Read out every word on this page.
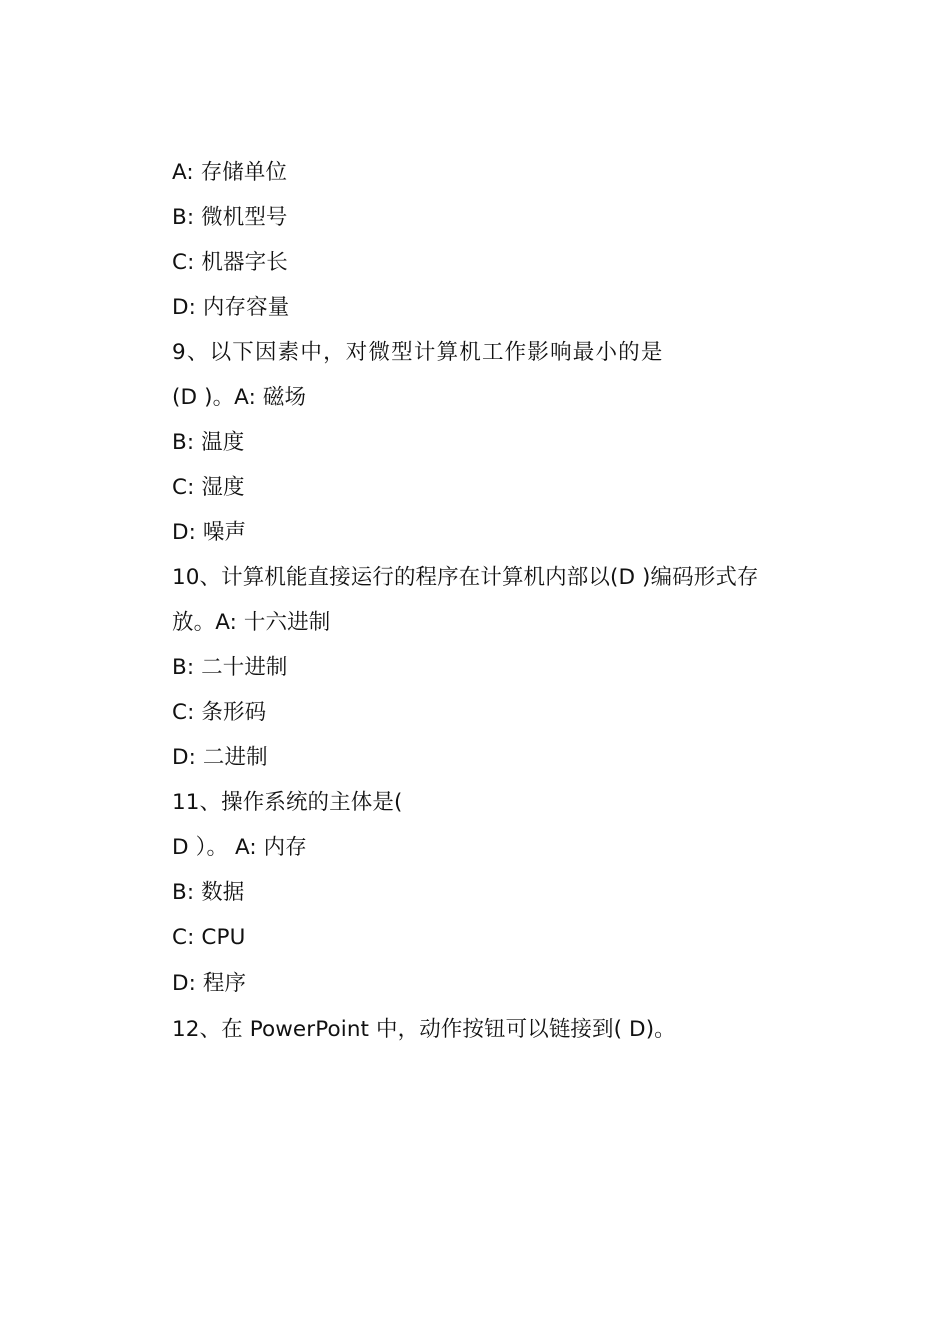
A: 存储单位
B: 微机型号
C: 机器字长
D: 内存容量
9、以下因素中，对微型计算机工作影响最小的是
(D )。A: 磁场
B: 温度
C: 湿度
D: 噪声
10、计算机能直接运行的程序在计算机内部以(D )编码形式存
放。A: 十六进制
B: 二十进制
C: 条形码
D: 二进制
11、操作系统的主体是(
D ）。 A: 内存
B: 数据
C: CPU
D: 程序
12、在 PowerPoint 中，动作按钮可以链接到( D)。
